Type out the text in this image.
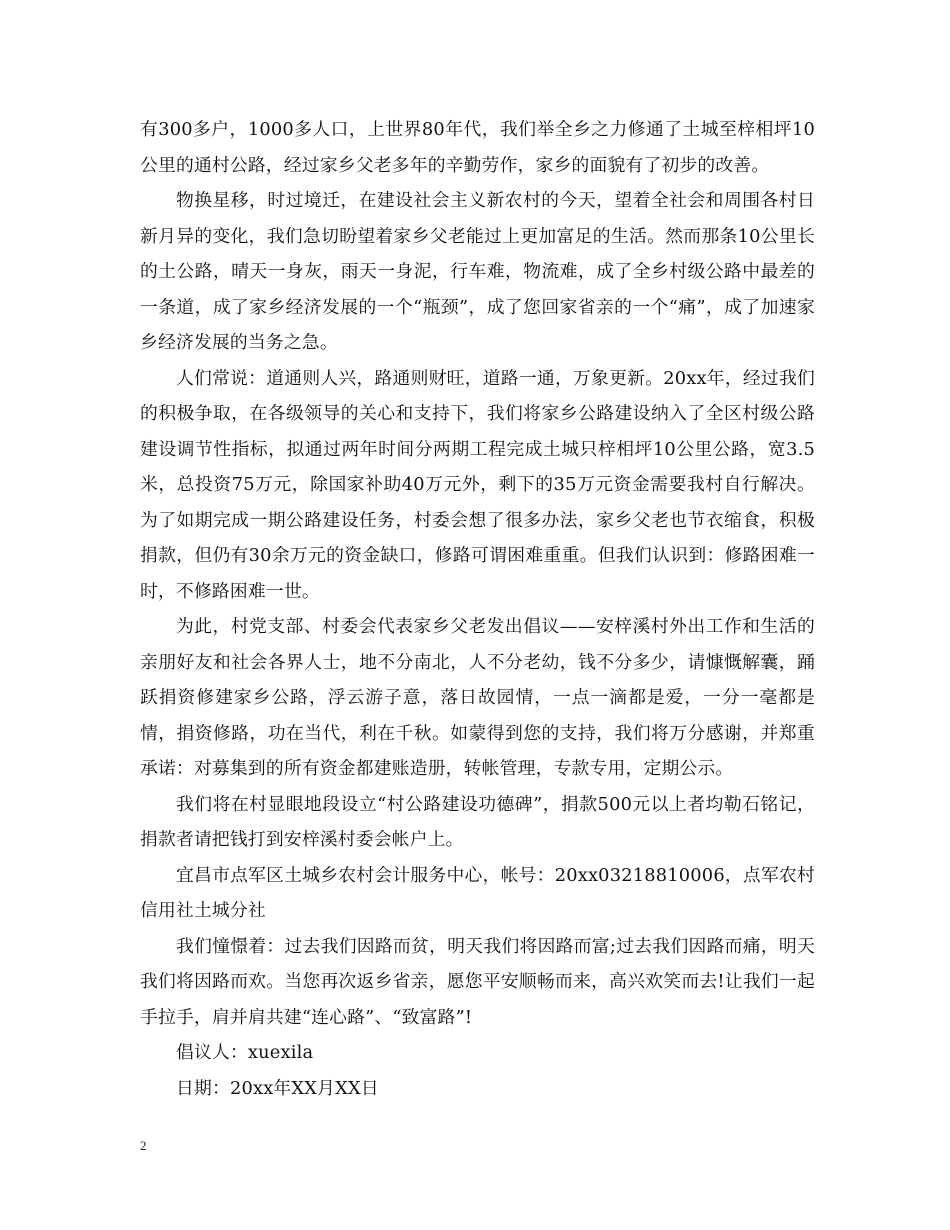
有300多户，1000多人口，上世界80年代，我们举全乡之力修通了土城至梓相坪10公里的通村公路，经过家乡父老多年的辛勤劳作，家乡的面貌有了初步的改善。

物换星移，时过境迁，在建设社会主义新农村的今天，望着全社会和周围各村日新月异的变化，我们急切盼望着家乡父老能过上更加富足的生活。然而那条10公里长的土公路，晴天一身灰，雨天一身泥，行车难，物流难，成了全乡村级公路中最差的一条道，成了家乡经济发展的一个“瓶颈”，成了您回家省亲的一个“痛”，成了加速家乡经济发展的当务之急。

人们常说：道通则人兴，路通则财旺，道路一通，万象更新。20xx年，经过我们的积极争取，在各级领导的关心和支持下，我们将家乡公路建设纳入了全区村级公路建设调节性指标，拟通过两年时间分两期工程完成土城只梓相坪10公里公路，宽3.5米，总投资75万元，除国家补助40万元外，剩下的35万元资金需要我村自行解决。为了如期完成一期公路建设任务，村委会想了很多办法，家乡父老也节衣缩食，积极捐款，但仍有30余万元的资金缺口，修路可谓困难重重。但我们认识到：修路困难一时，不修路困难一世。

为此，村党支部、村委会代表家乡父老发出倡议——安梓溪村外出工作和生活的亲朋好友和社会各界人士，地不分南北，人不分老幼，钱不分多少，请慷慨解囊，踊跃捐资修建家乡公路，浮云游子意，落日故园情，一点一滴都是爱，一分一毫都是情，捐资修路，功在当代，利在千秋。如蒙得到您的支持，我们将万分感谢，并郑重承诺：对募集到的所有资金都建账造册，转帐管理，专款专用，定期公示。

我们将在村显眼地段设立“村公路建设功德碑”，捐款500元以上者均勒石铭记，捐款者请把钱打到安梓溪村委会帐户上。

宜昌市点军区土城乡农村会计服务中心，帐号：20xx03218810006，点军农村信用社土城分社

我们憧憬着：过去我们因路而贫，明天我们将因路而富;过去我们因路而痛，明天我们将因路而欢。当您再次返乡省亲，愿您平安顺畅而来，高兴欢笑而去!让我们一起手拉手，肩并肩共建“连心路”、“致富路”!

倡议人：xuexila

日期：20xx年XX月XX日

2
